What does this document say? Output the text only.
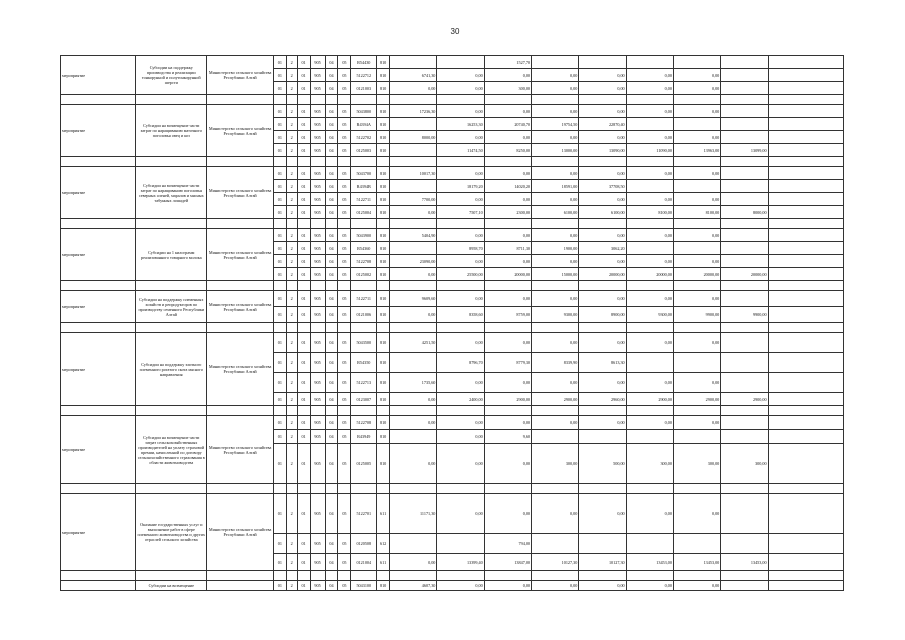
30
мероприятие	Субсидии на поддержку производства и реализации тонкорунной и полутонкорунной шерсти	Министерство сельского хозяйства Республики Алтай	01	2	01	905	04	05	R54430	810			1527,70						
			01	2	01	905	04	05	5122712	810	6741,30	0,00	0,00	0,00	0,00	0,00	0,00		
			01	2	01	905	04	05	0121003	810	0,00	0,00	300,00	0,00	0,00	0,00	0,00		

мероприятие	Субсидии на возмещение части затрат по наращиванию маточного поголовья овец и коз	Министерство сельского хозяйства Республики Алтай	01	2	01	905	04	05	5043800	810	17236,30	0,00	0,00	0,00	0,00	0,00	0,00		
			01	2	01	905	04	05	R4394A	810		16253,30	20740,70	19754,50	22870,40				
			01	2	01	905	04	05	5122702	810	8000,00	0,00	0,00	0,00	0,00	0,00	0,00		
			01	2	01	905	04	05	0125003	810		11474,50	8250,00	13000,00	13090,00	11090,00	13963,00	13099,00	

мероприятие	Субсидии на возмещение части затрат по наращиванию поголовья северных оленей, маралов и мясных табунных лошадей	Министерство сельского хозяйства Республики Алтай	01	2	01	905	04	05	5043700	810	10017,30	0,00	0,00	0,00	0,00	0,00	0,00		
			01	2	01	905	04	05	R4394B	810		18179,20	14020,20	18591,00	37708,50				
			01	2	01	905	04	05	5122711	810	7700,00	0,00	0,00	0,00	0,00	0,00	0,00		
			01	2	01	905	04	05	0125004	810	0,00	7507,10	2300,00	6100,00	6100,00	8100,00	8100,00	8000,00	

мероприятие	Субсидии на 1 килограмм реализованного товарного молока	Министерство сельского хозяйства Республики Алтай	01	2	01	905	04	05	5043900	810	5404,90	0,00	0,00	0,00	0,00	0,00	0,00		
			01	2	01	905	04	05	R54360	810		8958,70	8711,30	1900,00	3062,20				
			01	2	01	905	04	05	5122708	810	23090,00	0,00	0,00	0,00	0,00	0,00	0,00		
			01	2	01	905	04	05	0125002	810	0,00	25500,00	20000,00	15000,00	20000,00	20000,00	20000,00	20000,00	

мероприятие	Субсидии на поддержку племенных хозяйств и репродукторов по производству семенного Республики Алтай	Министерство сельского хозяйства Республики Алтай	01	2	01	905	04	05	5122711	810	9609,60	0,00	0,00	0,00	0,00	0,00	0,00		
			01	2	01	905	04	05	0121006	810	0,00	8358,60	8759,00	9300,00	8900,00	9300,00	9900,00	9900,00	

мероприятие	Субсидии на поддержку элитного племенного рогатого скота мясного направления	Министерство сельского хозяйства Республики Алтай	01	2	01	905	04	05	5043500	810	4251,50	0,00	0,00	0,00	0,00	0,00	0,00		
			01	2	01	905	04	05	R54350	810		8796,70	8779,30	8339,90	8613,30				
			01	2	01	905	04	05	5122713	810	1735,60	0,00	0,00	0,00	0,00	0,00	0,00		
			01	2	01	905	04	05	0123007	810	0,00	2400,00	2900,00	2900,00	2960,00	2900,00	2900,00	2900,00	

мероприятие	Субсидии на возмещение части затрат сельскохозяйственных производителей на уплату страховой премии, начисленной по договору сельскохозяйственного страхования в области животноводства	Министерство сельского хозяйства Республики Алтай	01	2	01	905	04	05	5122708	810	0,00	0,00	0,00	0,00	0,00	0,00	0,00		
			01	2	01	905	04	05	R43949	810		0,00	9,60						
			01	2	01	905	04	05	0125005	810	0,00	0,00	0,00	300,00	500,00	300,00	300,00	300,00	

мероприятие	Оказание государственных услуг и выполнение работ в сфере племенного животноводства и других отраслей сельского хозяйства	Министерство сельского хозяйства Республики Алтай	01	2	01	905	04	05	5122701	611	11171,30	0,00	0,00	0,00	0,00	0,00	0,00		
			01	2	01	905	04	05	0120508	612			794,00						
			01	2	01	905	04	05	0121004	611	0,00	13399,40	13847,00	10127,30	10127,30	13453,00	13453,00	13453,00	

	Субсидии на возмещение		01	2	01	905	04	05	5043100	810	4607,30	0,00	0,00	0,00	0,00	0,00	0,00		
